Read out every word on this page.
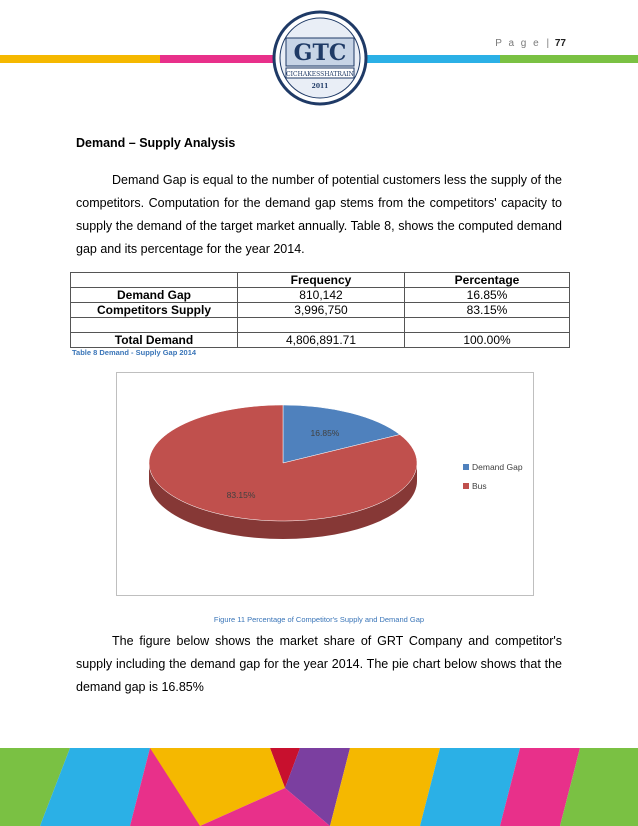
GTC
CICHAKESSHATRAIN
2011
P a g e | 77
Demand – Supply Analysis

Demand Gap is equal to the number of potential customers less the supply of the competitors. Computation for the demand gap stems from the competitors' capacity to supply the demand of the target market annually. Table 8, shows the computed demand gap and its percentage for the year 2014.

	Frequency	Percentage
Demand Gap	810,142	16.85%
Competitors Supply	3,996,750	83.15%

Total Demand	4,806,891.71	100.00%
Table 8 Demand - Supply Gap 2014
16.85%
83.15%
Demand Gap
Bus
Figure 11 Percentage of Competitor's Supply and Demand Gap

The figure below shows the market share of GRT Company and competitor's supply including the demand gap for the year 2014. The pie chart below shows that the demand gap is 16.85%
